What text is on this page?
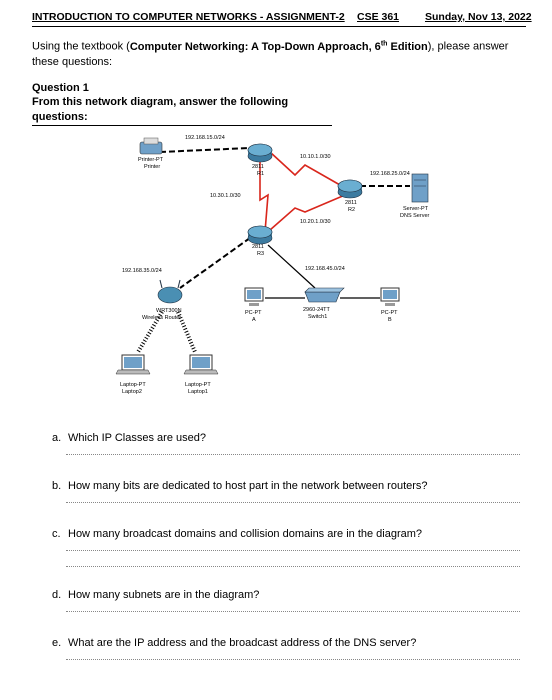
INTRODUCTION TO COMPUTER NETWORKS - ASSIGNMENT-2 CSE 361 Sunday, Nov 13, 2022
Using the textbook (Computer Networking: A Top-Down Approach, 6th Edition), please answer these questions:
Question 1
From this network diagram, answer the following questions:
192.168.15.0/24
Printer-PT
Printer	2811
R1
10.10.1.0/30
192.168.25.0/24
10.30.1.0/30
2811
R2	Server-PT
DNS Server
10.20.1.0/30
2811
R3
192.168.35.0/24	192.168.45.0/24
WRT300N
Wireless Router
PC-PT
A
2960-24TT
Switch1
PC-PT
B
Laptop-PT
Laptop2
Laptop-PT
Laptop1
a. Which IP Classes are used?
b. How many bits are dedicated to host part in the network between routers?
c. How many broadcast domains and collision domains are in the diagram?
d. How many subnets are in the diagram?
e. What are the IP address and the broadcast address of the DNS server?
